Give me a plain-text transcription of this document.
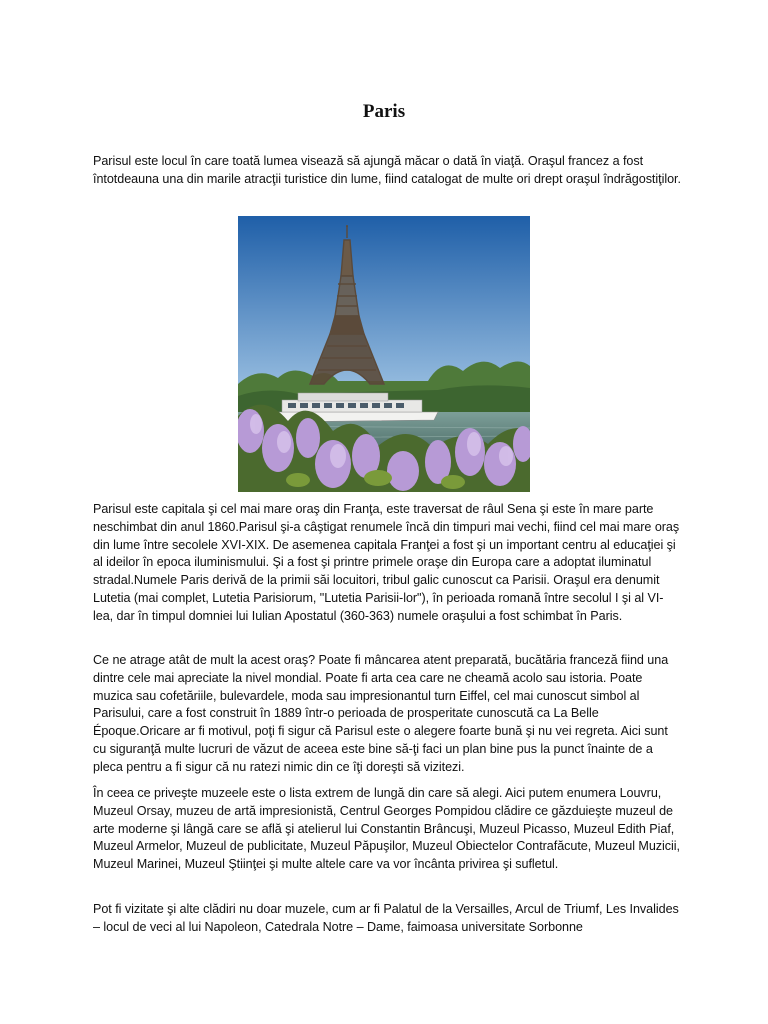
Paris

Parisul este locul în care toată lumea visează să ajungă măcar o dată în viaţă. Oraşul francez a fost întotdeauna una din marile atracţii turistice din lume, fiind catalogat de multe ori drept oraşul îndrăgostiţilor.

Parisul este capitala şi cel mai mare oraş din Franţa, este traversat de râul Sena şi este în mare parte neschimbat din anul 1860.Parisul şi-a câştigat renumele încă din timpuri mai vechi, fiind cel mai mare oraş din lume între secolele XVI-XIX. De asemenea capitala Franţei a fost şi un important centru al educaţiei şi al ideilor în epoca iluminismului. Şi a fost şi printre primele oraşe din Europa care a adoptat iluminatul stradal.Numele Paris derivă de la primii săi locuitori, tribul galic cunoscut ca Parisii. Oraşul era denumit Lutetia (mai complet, Lutetia Parisiorum, "Lutetia Parisii-lor"), în perioada romană între secolul I şi al VI-lea, dar în timpul domniei lui Iulian Apostatul (360-363) numele oraşului a fost schimbat în Paris.

Ce ne atrage atât de mult la acest oraş? Poate fi mâncarea atent preparată, bucătăria franceză fiind una dintre cele mai apreciate la nivel mondial. Poate fi arta cea care ne cheamă acolo sau istoria. Poate muzica sau cofetăriile, bulevardele, moda sau impresionantul turn Eiffel, cel mai cunoscut simbol al Parisului, care a fost construit în 1889 într-o perioada de prosperitate cunoscută ca La Belle Époque.Oricare ar fi motivul, poţi fi sigur că Parisul este o alegere foarte bună şi nu vei regreta. Aici sunt cu siguranţă multe lucruri de văzut de aceea este bine să-ţi faci un plan bine pus la punct înainte de a pleca pentru a fi sigur că nu ratezi nimic din ce îţi doreşti să vizitezi.

În ceea ce priveşte muzeele este o lista extrem de lungă din care să alegi. Aici putem enumera Louvru, Muzeul Orsay, muzeu de artă impresionistă, Centrul Georges Pompidou clădire ce găzduieşte muzeul de arte moderne şi lângă care se află şi atelierul lui Constantin Brâncuşi, Muzeul Picasso, Muzeul Edith Piaf, Muzeul Armelor, Muzeul de publicitate, Muzeul Păpuşilor, Muzeul Obiectelor Contrafăcute, Muzeul Muzicii, Muzeul Marinei, Muzeul Ştiinţei şi multe altele care va vor încânta privirea şi sufletul.

Pot fi vizitate şi alte clădiri nu doar muzele, cum ar fi Palatul de la Versailles, Arcul de Triumf, Les Invalides – locul de veci al lui Napoleon, Catedrala Notre – Dame, faimoasa universitate Sorbonne
